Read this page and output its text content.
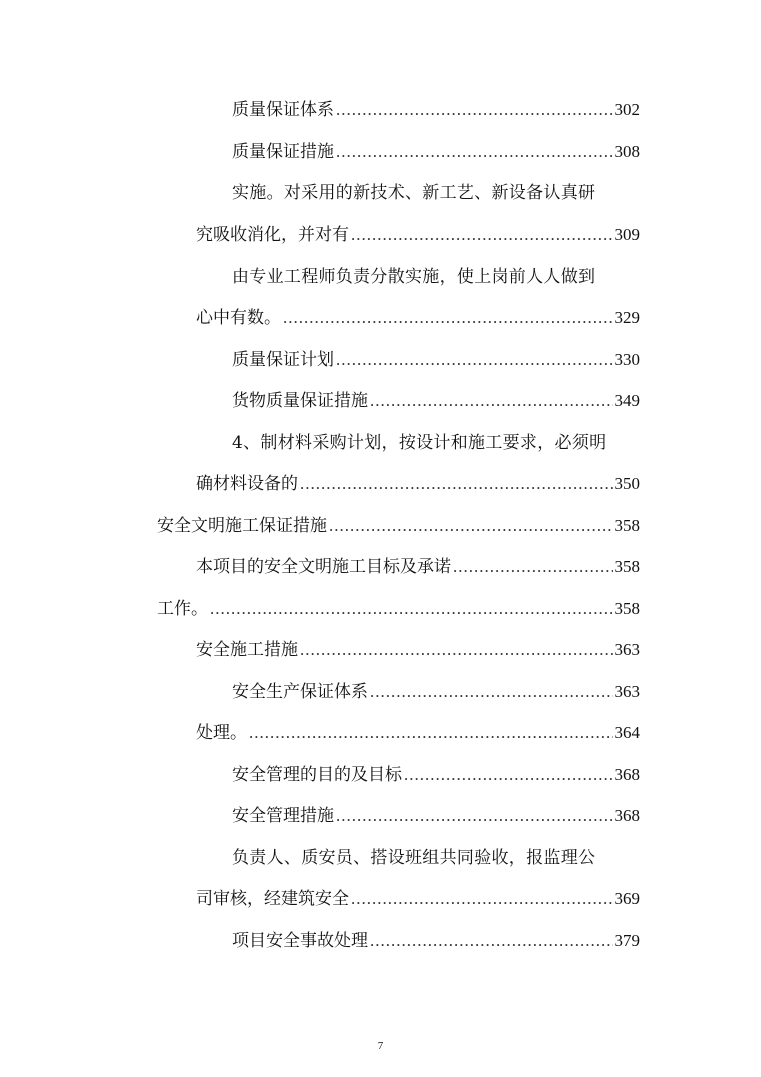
质量保证体系 .....	302
质量保证措施 .....	308
实施。对采用的新技术、新工艺、新设备认真研
究吸收消化，并对有 .....	309
由专业工程师负责分散实施，使上岗前人人做到
心中有数。 .....	329
质量保证计划 .....	330
货物质量保证措施 .....	349
4、制材料采购计划，按设计和施工要求，必须明
确材料设备的 .....	350
安全文明施工保证措施 .....	358
本项目的安全文明施工目标及承诺 .....	358
工作。 .....	358
安全施工措施 .....	363
安全生产保证体系 .....	363
处理。 .....	364
安全管理的目的及目标 .....	368
安全管理措施 .....	368
负责人、质安员、搭设班组共同验收，报监理公
司审核，经建筑安全 .....	369
项目安全事故处理 .....	379
7
